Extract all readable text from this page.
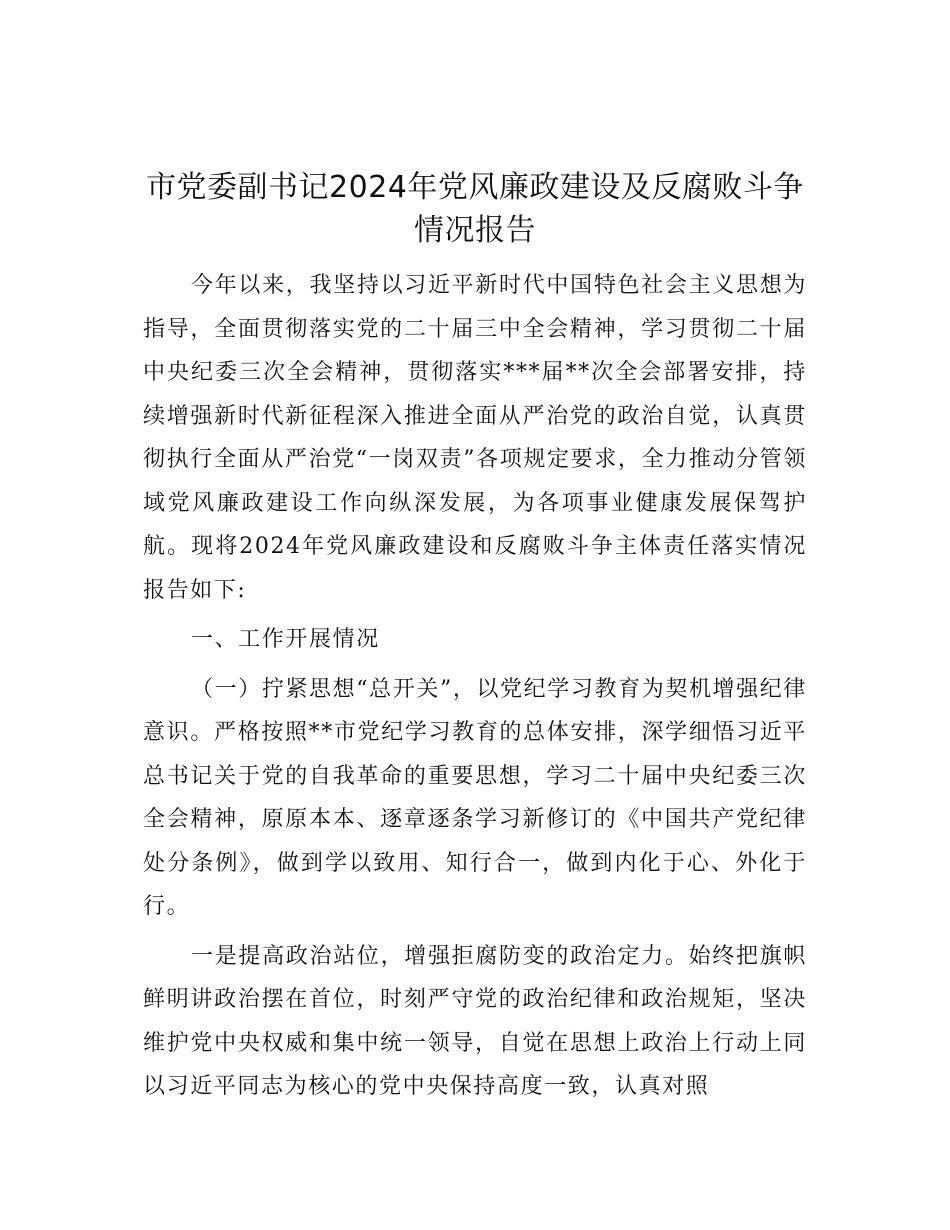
市党委副书记2024年党风廉政建设及反腐败斗争情况报告

今年以来，我坚持以习近平新时代中国特色社会主义思想为指导，全面贯彻落实党的二十届三中全会精神，学习贯彻二十届中央纪委三次全会精神，贯彻落实***届**次全会部署安排，持续增强新时代新征程深入推进全面从严治党的政治自觉，认真贯彻执行全面从严治党“一岗双责”各项规定要求，全力推动分管领域党风廉政建设工作向纵深发展，为各项事业健康发展保驾护航。现将2024年党风廉政建设和反腐败斗争主体责任落实情况报告如下:

一、工作开展情况

（一）拧紧思想“总开关”，以党纪学习教育为契机增强纪律意识。严格按照**市党纪学习教育的总体安排，深学细悟习近平总书记关于党的自我革命的重要思想，学习二十届中央纪委三次全会精神，原原本本、逐章逐条学习新修订的《中国共产党纪律处分条例》，做到学以致用、知行合一，做到内化于心、外化于行。

一是提高政治站位，增强拒腐防变的政治定力。始终把旗帜鲜明讲政治摆在首位，时刻严守党的政治纪律和政治规矩，坚决维护党中央权威和集中统一领导，自觉在思想上政治上行动上同以习近平同志为核心的党中央保持高度一致，认真对照
